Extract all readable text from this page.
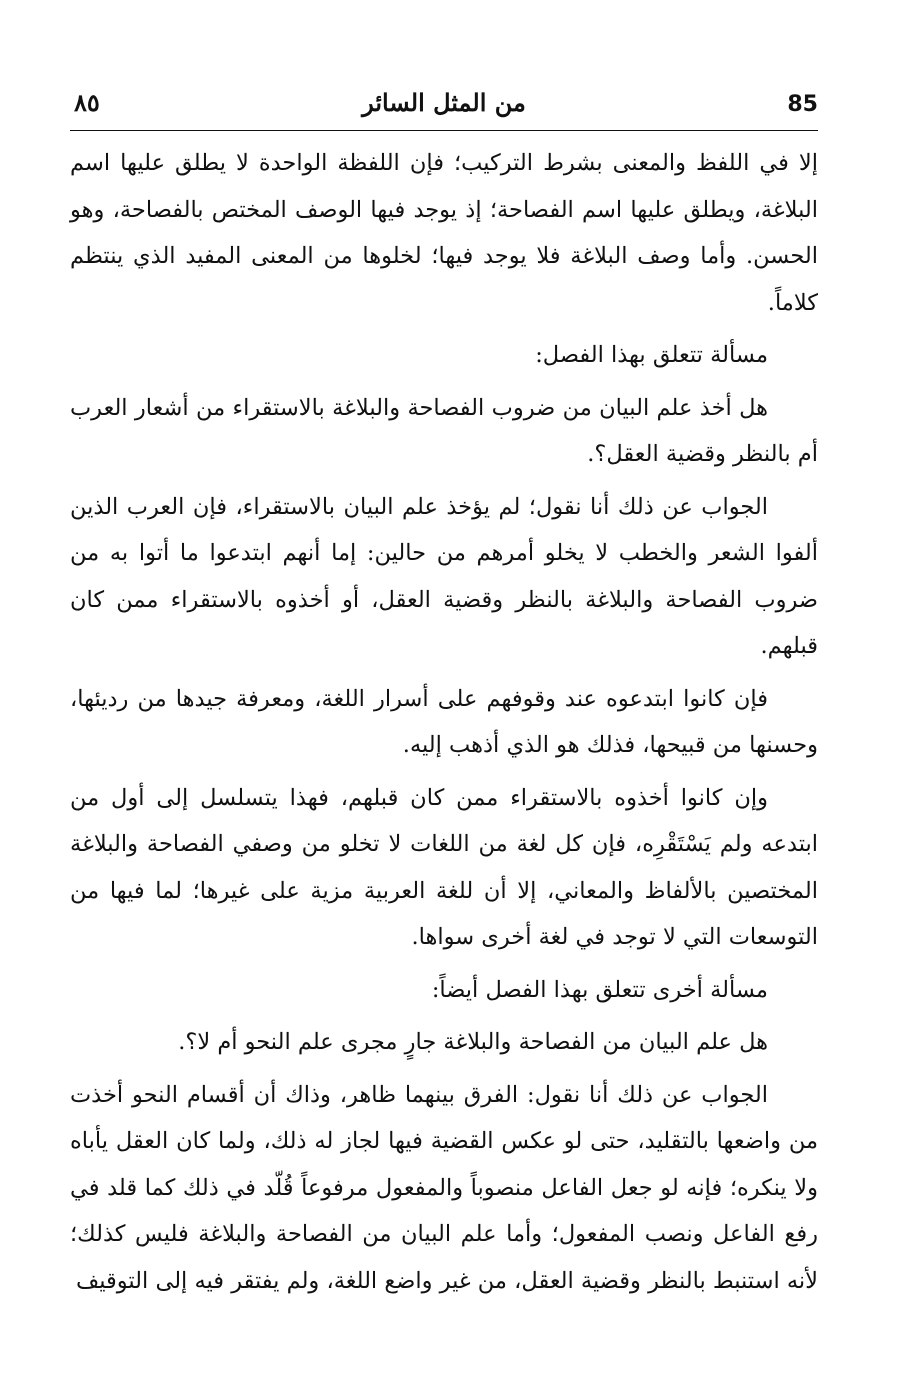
85
من المثل السائر
٨٥

إلا في اللفظ والمعنى بشرط التركيب؛ فإن اللفظة الواحدة لا يطلق عليها اسم البلاغة، ويطلق عليها اسم الفصاحة؛ إذ يوجد فيها الوصف المختص بالفصاحة، وهو الحسن. وأما وصف البلاغة فلا يوجد فيها؛ لخلوها من المعنى المفيد الذي ينتظم كلاماً.

مسألة تتعلق بهذا الفصل:

هل أخذ علم البيان من ضروب الفصاحة والبلاغة بالاستقراء من أشعار العرب أم بالنظر وقضية العقل؟.

الجواب عن ذلك أنا نقول؛ لم يؤخذ علم البيان بالاستقراء، فإن العرب الذين ألفوا الشعر والخطب لا يخلو أمرهم من حالين: إما أنهم ابتدعوا ما أتوا به من ضروب الفصاحة والبلاغة بالنظر وقضية العقل، أو أخذوه بالاستقراء ممن كان قبلهم.

فإن كانوا ابتدعوه عند وقوفهم على أسرار اللغة، ومعرفة جيدها من رديئها، وحسنها من قبيحها، فذلك هو الذي أذهب إليه.

وإن كانوا أخذوه بالاستقراء ممن كان قبلهم، فهذا يتسلسل إلى أول من ابتدعه ولم يَسْتَقْرِه، فإن كل لغة من اللغات لا تخلو من وصفي الفصاحة والبلاغة المختصين بالألفاظ والمعاني، إلا أن للغة العربية مزية على غيرها؛ لما فيها من التوسعات التي لا توجد في لغة أخرى سواها.

مسألة أخرى تتعلق بهذا الفصل أيضاً:

هل علم البيان من الفصاحة والبلاغة جارٍ مجرى علم النحو أم لا؟.

الجواب عن ذلك أنا نقول: الفرق بينهما ظاهر، وذاك أن أقسام النحو أخذت من واضعها بالتقليد، حتى لو عكس القضية فيها لجاز له ذلك، ولما كان العقل يأباه ولا ينكره؛ فإنه لو جعل الفاعل منصوباً والمفعول مرفوعاً قُلّد في ذلك كما قلد في رفع الفاعل ونصب المفعول؛ وأما علم البيان من الفصاحة والبلاغة فليس كذلك؛ لأنه استنبط بالنظر وقضية العقل، من غير واضع اللغة، ولم يفتقر فيه إلى التوقيف
